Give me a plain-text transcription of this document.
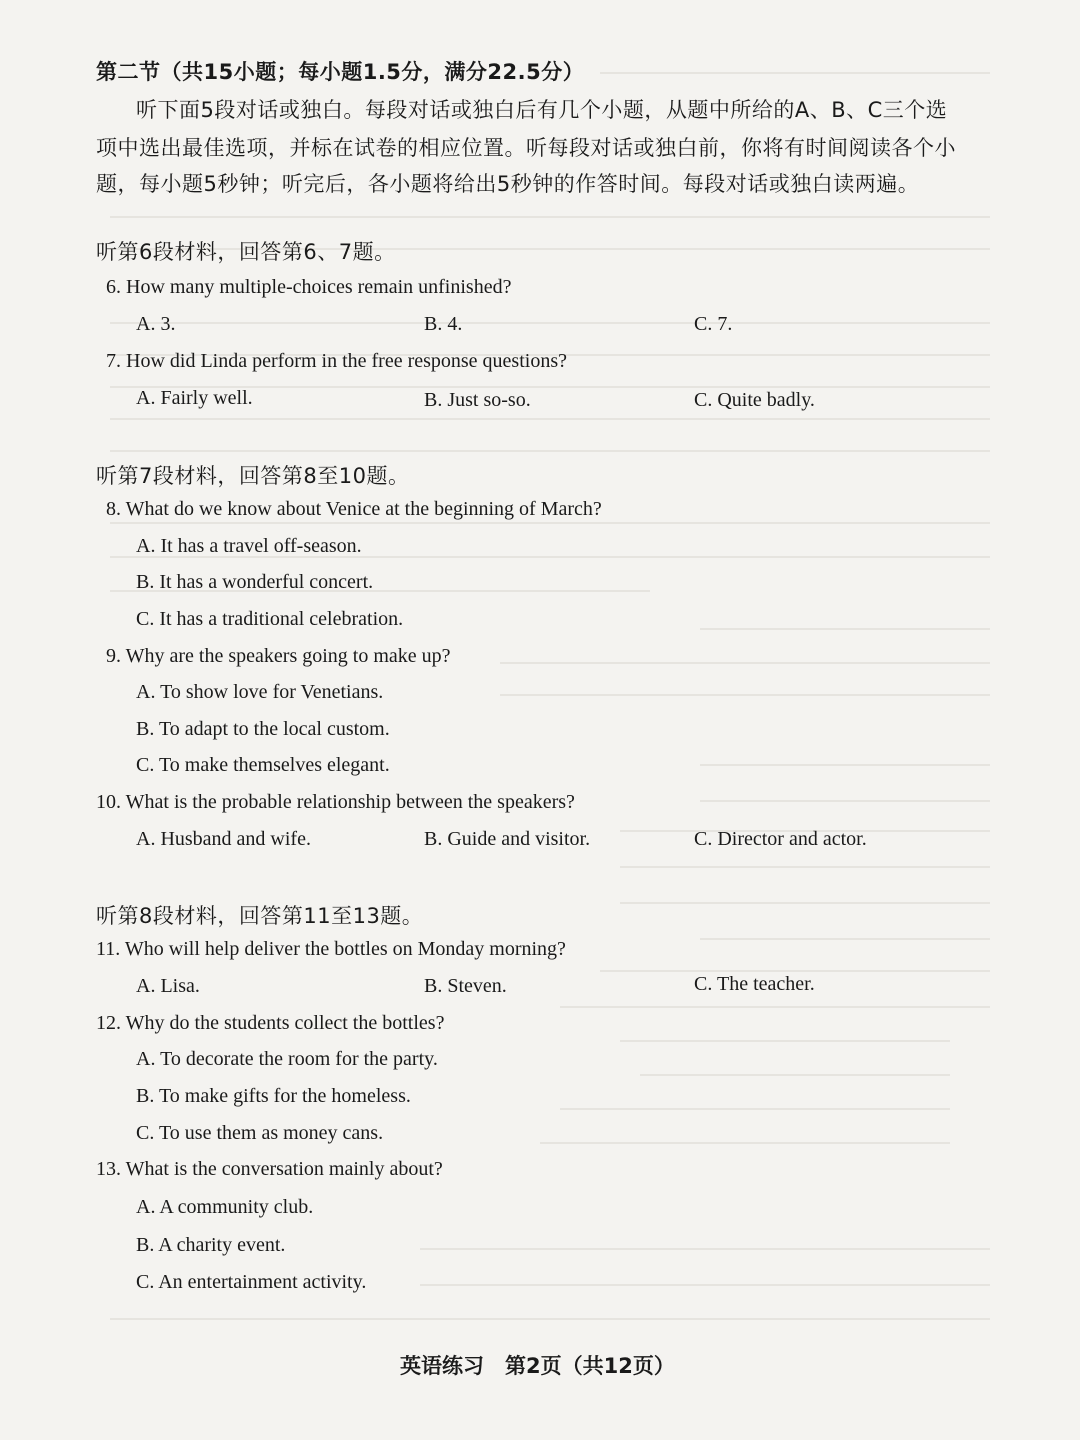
第二节（共15小题；每小题1.5分，满分22.5分）
听下面5段对话或独白。每段对话或独白后有几个小题，从题中所给的A、B、C三个选
项中选出最佳选项，并标在试卷的相应位置。听每段对话或独白前，你将有时间阅读各个小
题，每小题5秒钟；听完后，各小题将给出5秒钟的作答时间。每段对话或独白读两遍。
听第6段材料，回答第6、7题。
6. How many multiple-choices remain unfinished?
A. 3.	B. 4.	C. 7.
7. How did Linda perform in the free response questions?
A. Fairly well.	B. Just so-so.	C. Quite badly.
听第7段材料，回答第8至10题。
8. What do we know about Venice at the beginning of March?
A. It has a travel off-season.
B. It has a wonderful concert.
C. It has a traditional celebration.
9. Why are the speakers going to make up?
A. To show love for Venetians.
B. To adapt to the local custom.
C. To make themselves elegant.
10. What is the probable relationship between the speakers?
A. Husband and wife.	B. Guide and visitor.	C. Director and actor.
听第8段材料，回答第11至13题。
11. Who will help deliver the bottles on Monday morning?
A. Lisa.	B. Steven.	C. The teacher.
12. Why do the students collect the bottles?
A. To decorate the room for the party.
B. To make gifts for the homeless.
C. To use them as money cans.
13. What is the conversation mainly about?
A. A community club.
B. A charity event.
C. An entertainment activity.
英语练习　第2页（共12页）
